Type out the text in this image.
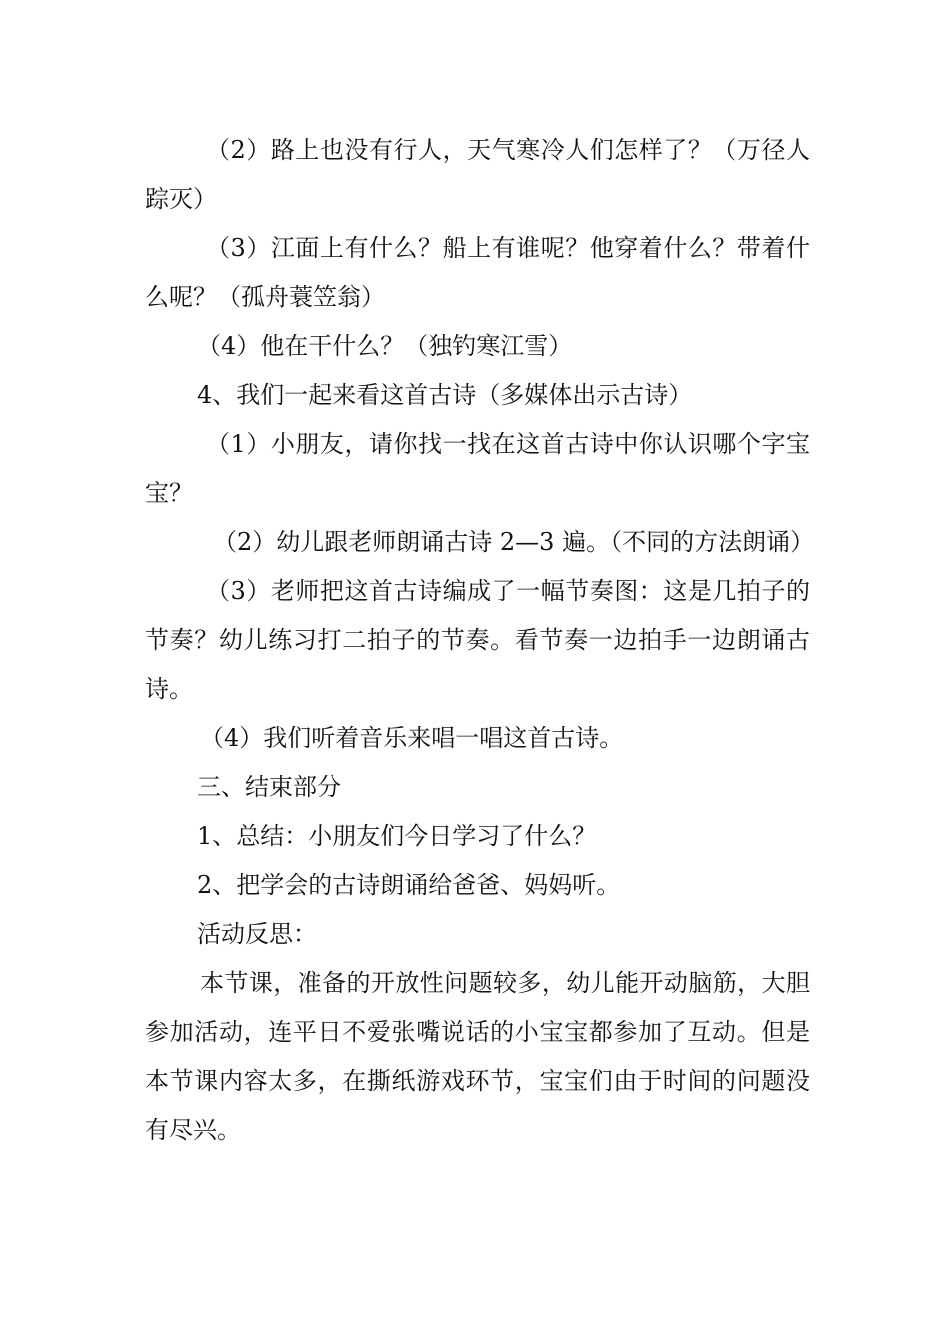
（2）路上也没有行人，天气寒冷人们怎样了？（万径人踪灭）

（3）江面上有什么？船上有谁呢？他穿着什么？带着什么呢？（孤舟蓑笠翁）

（4）他在干什么？（独钓寒江雪）

4、我们一起来看这首古诗（多媒体出示古诗）

（1）小朋友，请你找一找在这首古诗中你认识哪个字宝宝？

（2）幼儿跟老师朗诵古诗 2—3 遍。（不同的方法朗诵）

（3）老师把这首古诗编成了一幅节奏图：这是几拍子的节奏？幼儿练习打二拍子的节奏。看节奏一边拍手一边朗诵古诗。

（4）我们听着音乐来唱一唱这首古诗。

三、结束部分

1、总结：小朋友们今日学习了什么？

2、把学会的古诗朗诵给爸爸、妈妈听。

活动反思：

本节课，准备的开放性问题较多，幼儿能开动脑筋，大胆参加活动，连平日不爱张嘴说话的小宝宝都参加了互动。但是本节课内容太多，在撕纸游戏环节，宝宝们由于时间的问题没有尽兴。
